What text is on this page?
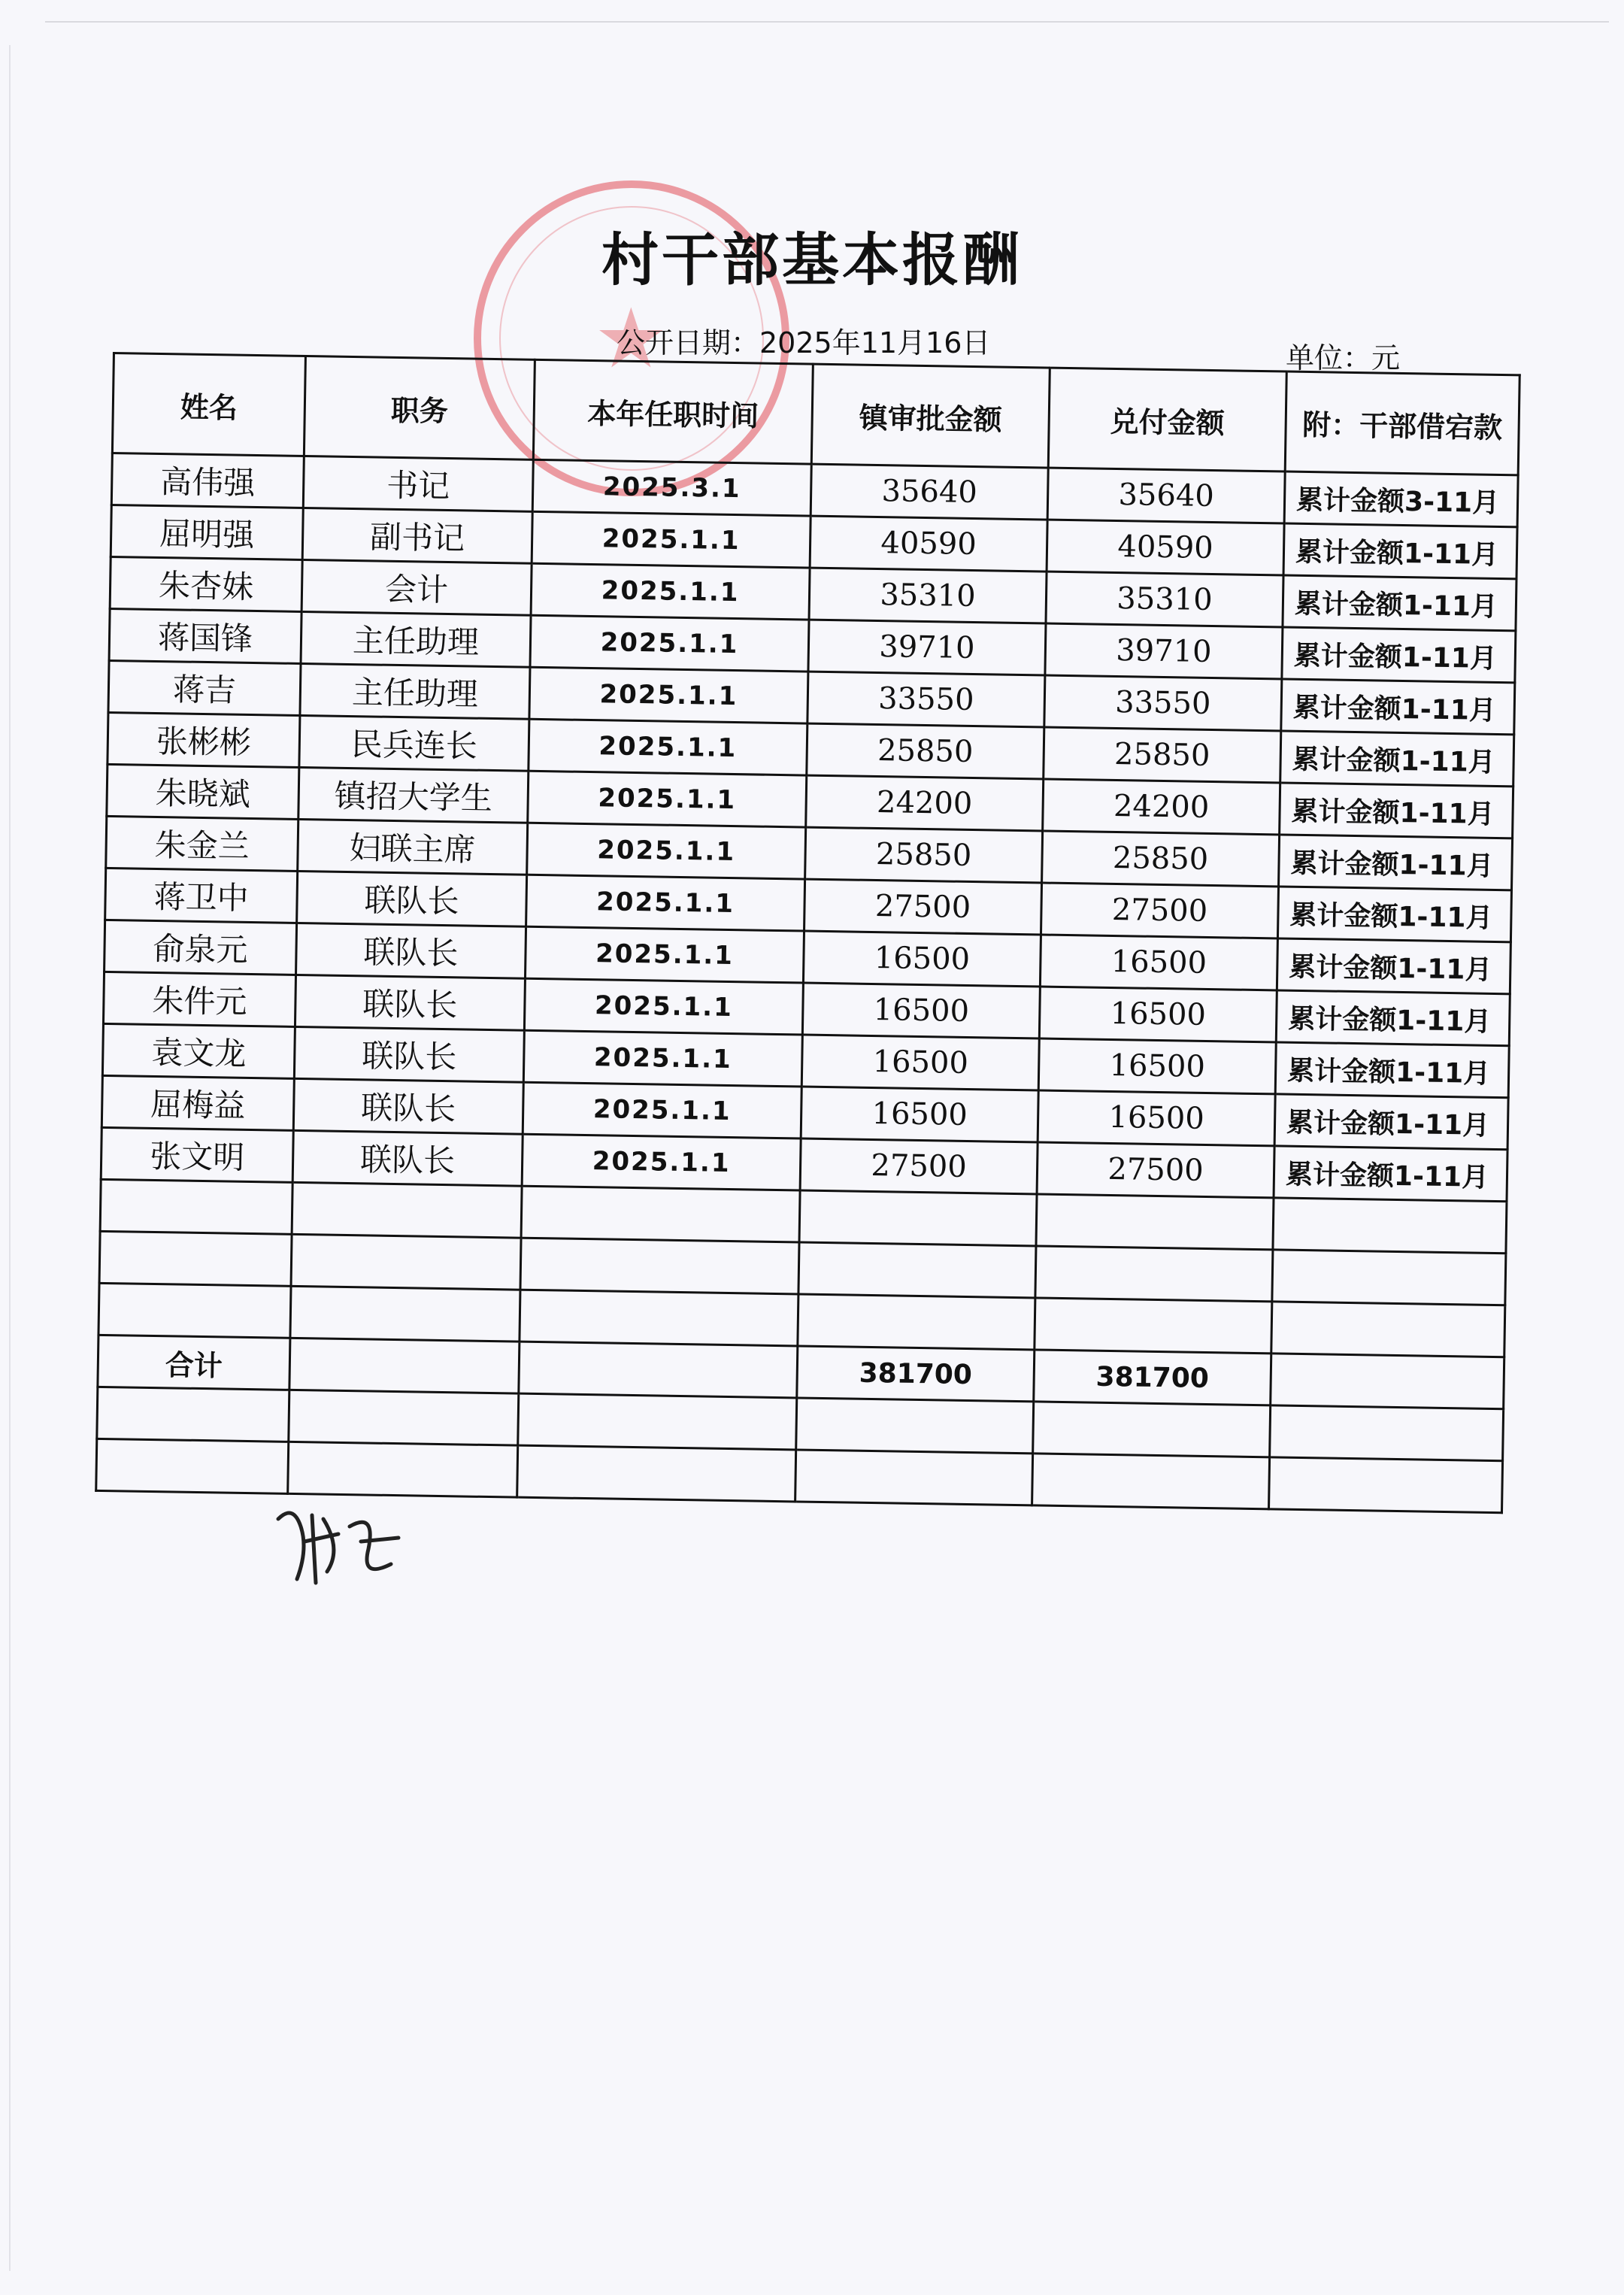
★
村干部基本报酬
公开日期：2025年11月16日	单位：元
姓名	职务	本年任职时间	镇审批金额	兑付金额	附：干部借宕款
高伟强	书记	2025.3.1	35640	35640	累计金额3-11月
屈明强	副书记	2025.1.1	40590	40590	累计金额1-11月
朱杏妹	会计	2025.1.1	35310	35310	累计金额1-11月
蒋国锋	主任助理	2025.1.1	39710	39710	累计金额1-11月
蒋吉	主任助理	2025.1.1	33550	33550	累计金额1-11月
张彬彬	民兵连长	2025.1.1	25850	25850	累计金额1-11月
朱晓斌	镇招大学生	2025.1.1	24200	24200	累计金额1-11月
朱金兰	妇联主席	2025.1.1	25850	25850	累计金额1-11月
蒋卫中	联队长	2025.1.1	27500	27500	累计金额1-11月
俞泉元	联队长	2025.1.1	16500	16500	累计金额1-11月
朱件元	联队长	2025.1.1	16500	16500	累计金额1-11月
袁文龙	联队长	2025.1.1	16500	16500	累计金额1-11月
屈梅益	联队长	2025.1.1	16500	16500	累计金额1-11月
张文明	联队长	2025.1.1	27500	27500	累计金额1-11月

合计			381700	381700	
